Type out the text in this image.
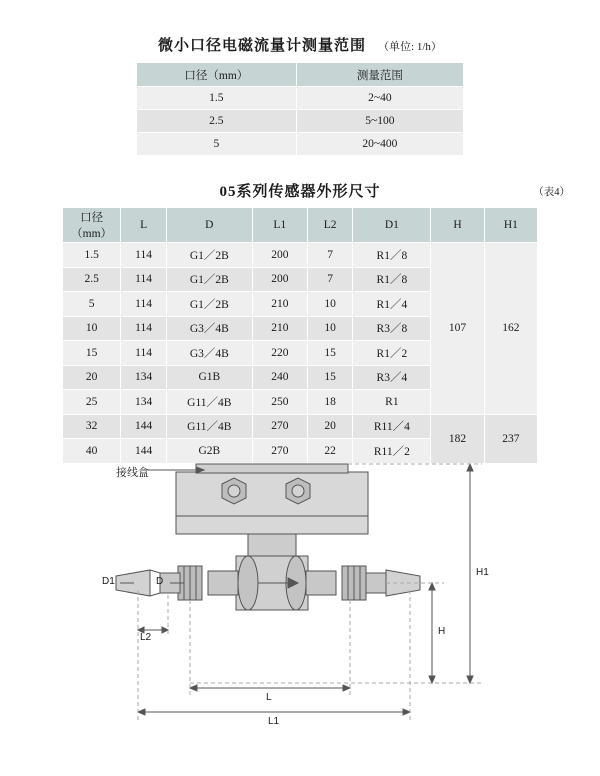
微小口径电磁流量计测量范围 （单位: 1/h）
口径（mm）	测量范围
1.5	2~40
2.5	5~100
5	20~400
05系列传感器外形尺寸	（表4）
口径（mm）	L	D	L1	L2	D1	H	H1
1.5	114	G1／2B	200	7	R1／8	107	162
2.5	114	G1／2B	200	7	R1／8		
5	114	G1／2B	210	10	R1／4		
10	114	G3／4B	210	10	R3／8		
15	114	G3／4B	220	15	R1／2		
20	134	G1B	240	15	R3／4		
25	134	G11／4B	250	18	R1		
32	144	G11／4B	270	20	R11／4	182	237
40	144	G2B	270	22	R11／2		
接线盒
H1
H
L
L1
L2
D
D1
